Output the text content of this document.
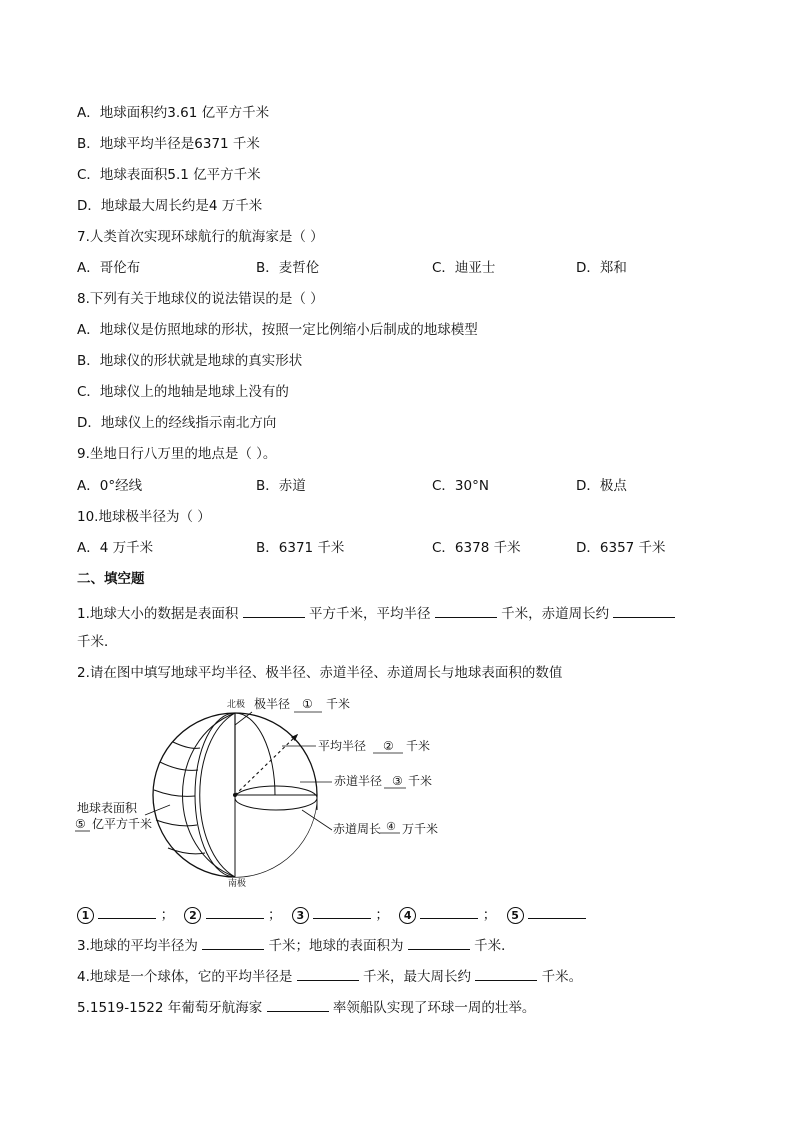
A．地球面积约3.61 亿平方千米
B．地球平均半径是6371 千米
C．地球表面积5.1 亿平方千米
D．地球最大周长约是4 万千米
7.人类首次实现环球航行的航海家是（ ）
A．哥伦布	B．麦哲伦	C．迪亚士	D．郑和
8.下列有关于地球仪的说法错误的是（ ）
A．地球仪是仿照地球的形状，按照一定比例缩小后制成的地球模型
B．地球仪的形状就是地球的真实形状
C．地球仪上的地轴是地球上没有的
D．地球仪上的经线指示南北方向
9.坐地日行八万里的地点是（ ）。
A．0°经线	B．赤道	C．30°N	D．极点
10.地球极半径为（ ）
A．4 万千米	B．6371 千米	C．6378 千米	D．6357 千米
二、填空题
1.地球大小的数据是表面积	平方千米，平均半径	千米，赤道周长约
千米．
2.请在图中填写地球平均半径、极半径、赤道半径、赤道周长与地球表面积的数值
北极
南极
极半径 ① 千米
平均半径 ② 千米
赤道半径 ③ 千米
赤道周长 ④ 万千米
地球表面积
⑤ 亿平方千米
1	； 2	； 3	； 4	； 5
3.地球的平均半径为	千米；地球的表面积为	千米．
4.地球是一个球体，它的平均半径是	千米，最大周长约	千米。
5.1519-1522 年葡萄牙航海家	率领船队实现了环球一周的壮举。
